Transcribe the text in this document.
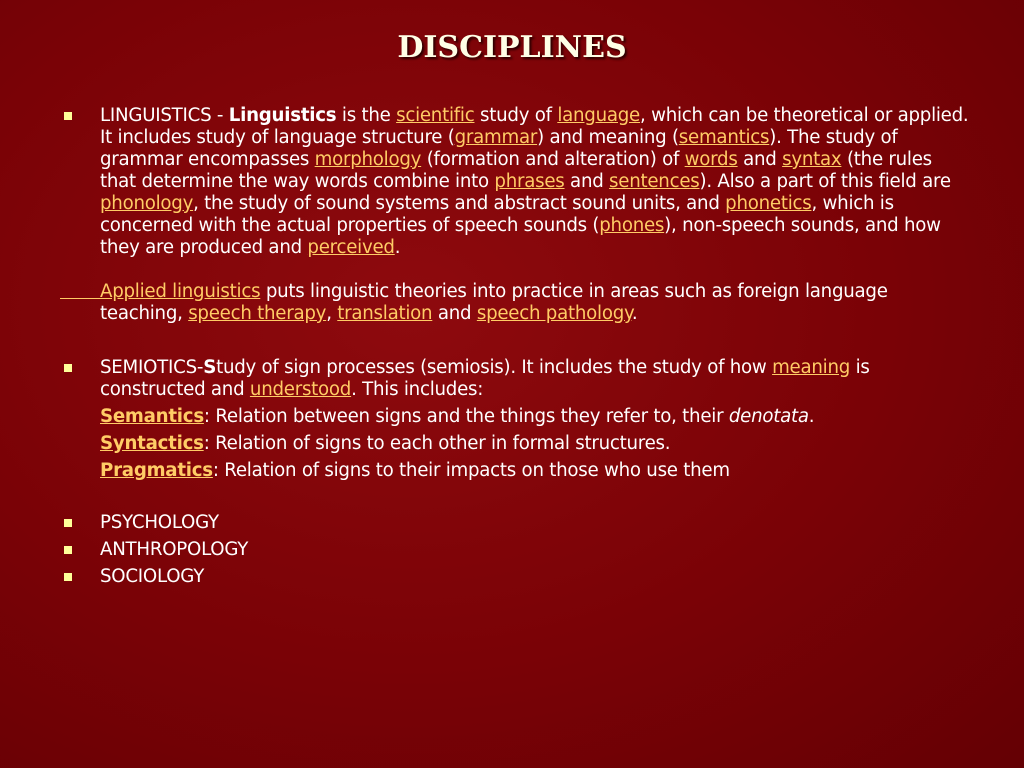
DISCIPLINES
LINGUISTICS - Linguistics is the scientific study of language, which can be theoretical or applied. It includes study of language structure (grammar) and meaning (semantics). The study of grammar encompasses morphology (formation and alteration) of words and syntax (the rules that determine the way words combine into phrases and sentences). Also a part of this field are phonology, the study of sound systems and abstract sound units, and phonetics, which is concerned with the actual properties of speech sounds (phones), non-speech sounds, and how they are produced and perceived.

Applied linguistics puts linguistic theories into practice in areas such as foreign language teaching, speech therapy, translation and speech pathology.
SEMIOTICS-Study of sign processes (semiosis). It includes the study of how meaning is constructed and understood. This includes:
Semantics: Relation between signs and the things they refer to, their denotata.
Syntactics: Relation of signs to each other in formal structures.
Pragmatics: Relation of signs to their impacts on those who use them
PSYCHOLOGY
ANTHROPOLOGY
SOCIOLOGY
